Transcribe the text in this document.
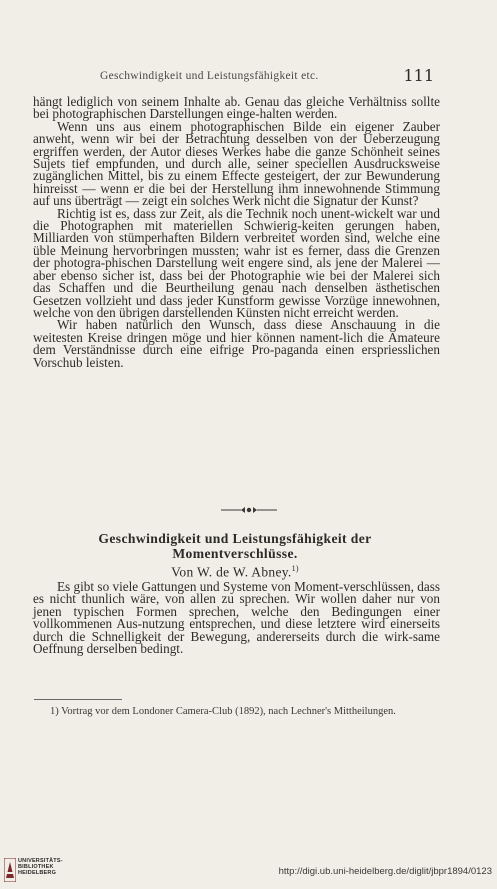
Geschwindigkeit und Leistungsfähigkeit etc.	111

hängt lediglich von seinem Inhalte ab. Genau das gleiche Verhältniss sollte bei photographischen Darstellungen einge-halten werden.

Wenn uns aus einem photographischen Bilde ein eigener Zauber anweht, wenn wir bei der Betrachtung desselben von der Ueberzeugung ergriffen werden, der Autor dieses Werkes habe die ganze Schönheit seines Sujets tief empfunden, und durch alle, seiner speciellen Ausdrucksweise zugänglichen Mittel, bis zu einem Effecte gesteigert, der zur Bewunderung hinreisst — wenn er die bei der Herstellung ihm innewohnende Stimmung auf uns überträgt — zeigt ein solches Werk nicht die Signatur der Kunst?

Richtig ist es, dass zur Zeit, als die Technik noch unent-wickelt war und die Photographen mit materiellen Schwierig-keiten gerungen haben, Milliarden von stümperhaften Bildern verbreitet worden sind, welche eine üble Meinung hervorbringen mussten; wahr ist es ferner, dass die Grenzen der photogra-phischen Darstellung weit engere sind, als jene der Malerei — aber ebenso sicher ist, dass bei der Photographie wie bei der Malerei sich das Schaffen und die Beurtheilung genau nach denselben ästhetischen Gesetzen vollzieht und dass jeder Kunstform gewisse Vorzüge innewohnen, welche von den übrigen darstellenden Künsten nicht erreicht werden.

Wir haben natürlich den Wunsch, dass diese Anschauung in die weitesten Kreise dringen möge und hier können nament-lich die Amateure dem Verständnisse durch eine eifrige Pro-paganda einen erspriesslichen Vorschub leisten.

Geschwindigkeit und Leistungsfähigkeit der
Momentverschlüsse.
Von W. de W. Abney.$^{1)}$

Es gibt so viele Gattungen und Systeme von Moment-verschlüssen, dass es nicht thunlich wäre, von allen zu sprechen. Wir wollen daher nur von jenen typischen Formen sprechen, welche den Bedingungen einer vollkommenen Aus-nutzung entsprechen, und diese letztere wird einerseits durch die Schnelligkeit der Bewegung, andererseits durch die wirk-same Oeffnung derselben bedingt.

1) Vortrag vor dem Londoner Camera-Club (1892), nach Lechner's Mittheilungen.

UNIVERSITÄTS-
BIBLIOTHEK
HEIDELBERG	http://digi.ub.uni-heidelberg.de/diglit/jbpr1894/0123
